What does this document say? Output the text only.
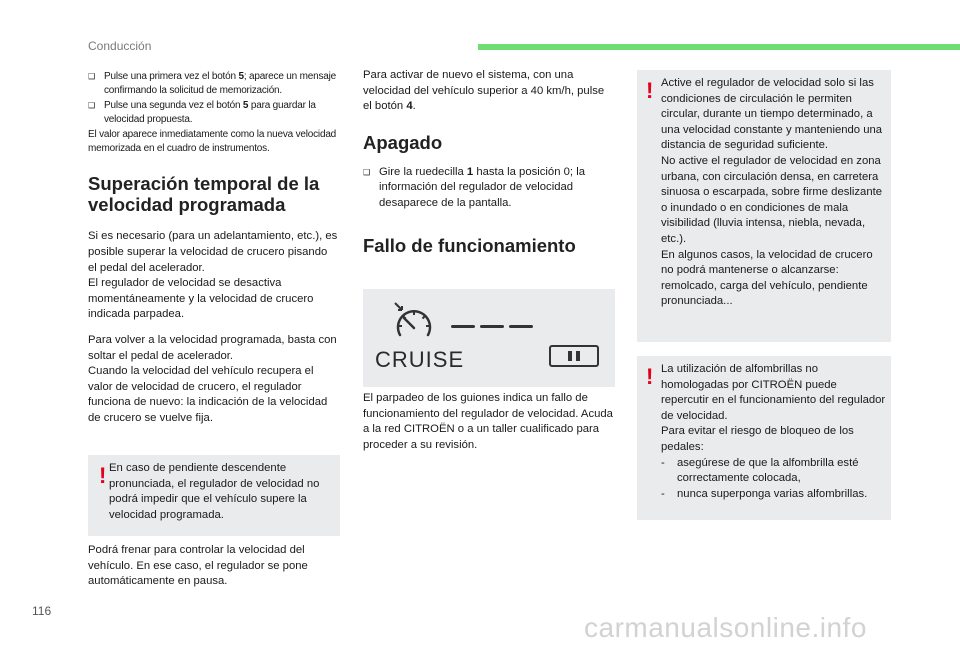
Conducción
❑ Pulse una primera vez el botón 5; aparece un mensaje confirmando la solicitud de memorización.
❑ Pulse una segunda vez el botón 5 para guardar la velocidad propuesta.

El valor aparece inmediatamente como la nueva velocidad memorizada en el cuadro de instrumentos.

Superación temporal de la velocidad programada

Si es necesario (para un adelantamiento, etc.), es posible superar la velocidad de crucero pisando el pedal del acelerador.

El regulador de velocidad se desactiva momentáneamente y la velocidad de crucero indicada parpadea.

Para volver a la velocidad programada, basta con soltar el pedal de acelerador.

Cuando la velocidad del vehículo recupera el valor de velocidad de crucero, el regulador funciona de nuevo: la indicación de la velocidad de crucero se vuelve fija.

! En caso de pendiente descendente pronunciada, el regulador de velocidad no podrá impedir que el vehículo supere la velocidad programada.

Podrá frenar para controlar la velocidad del vehículo. En ese caso, el regulador se pone automáticamente en pausa.

Para activar de nuevo el sistema, con una velocidad del vehículo superior a 40 km/h, pulse el botón 4.

Apagado
❑ Gire la ruedecilla 1 hasta la posición 0; la información del regulador de velocidad desaparece de la pantalla.
Fallo de funcionamiento
CRUISE

El parpadeo de los guiones indica un fallo de funcionamiento del regulador de velocidad. Acuda a la red CITROËN o a un taller cualificado para proceder a su revisión.

! Active el regulador de velocidad solo si las condiciones de circulación le permiten circular, durante un tiempo determinado, a una velocidad constante y manteniendo una distancia de seguridad suficiente.

No active el regulador de velocidad en zona urbana, con circulación densa, en carretera sinuosa o escarpada, sobre firme deslizante o inundado o en condiciones de mala visibilidad (lluvia intensa, niebla, nevada, etc.).

En algunos casos, la velocidad de crucero no podrá mantenerse o alcanzarse: remolcado, carga del vehículo, pendiente pronunciada...

! La utilización de alfombrillas no homologadas por CITROËN puede repercutir en el funcionamiento del regulador de velocidad.

Para evitar el riesgo de bloqueo de los pedales:

- asegúrese de que la alfombrilla esté correctamente colocada,
- nunca superponga varias alfombrillas.
116
carmanualsonline.info
